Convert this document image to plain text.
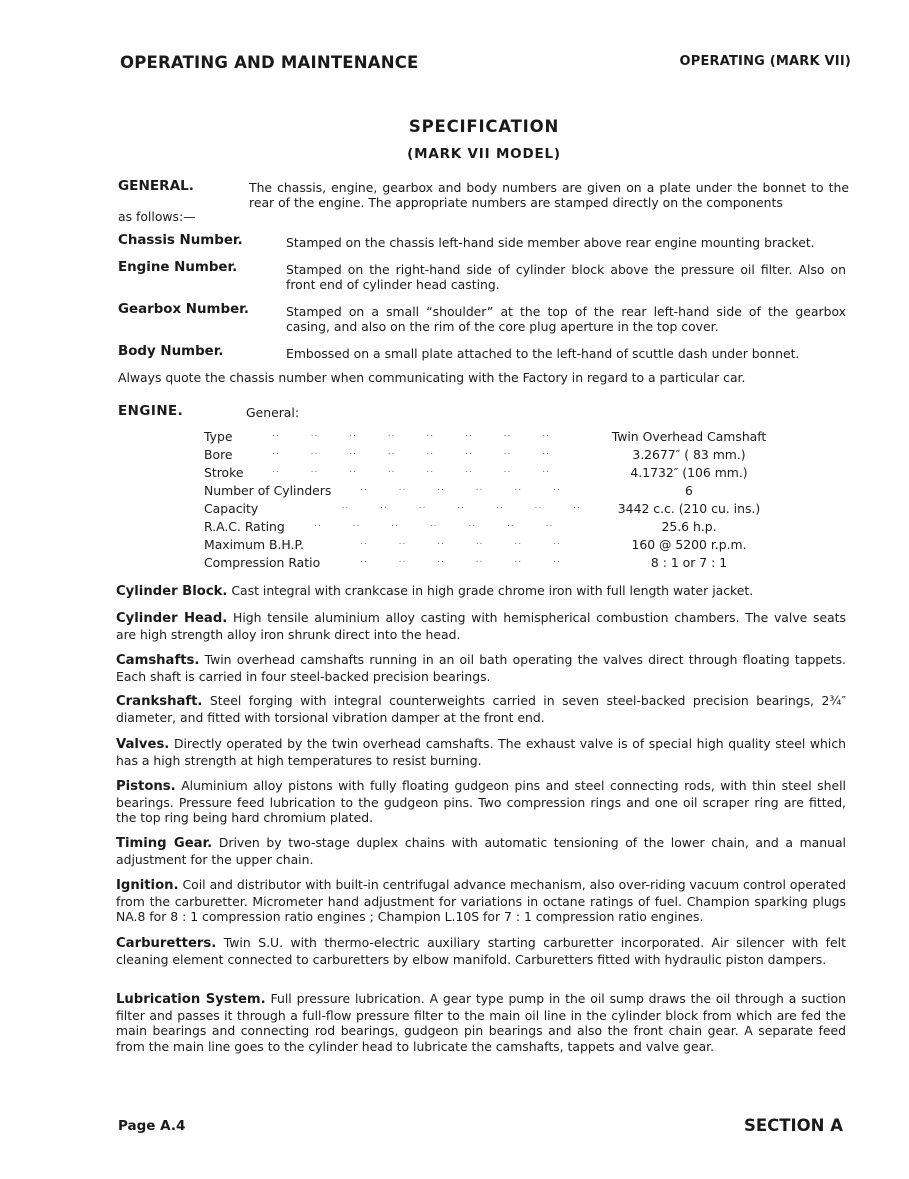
OPERATING AND MAINTENANCE	OPERATING (MARK VII)
SPECIFICATION
(MARK VII MODEL)
GENERAL.	The chassis, engine, gearbox and body numbers are given on a plate under the bonnet to the rear of the engine. The appropriate numbers are stamped directly on the components
as follows:—
Chassis Number.	Stamped on the chassis left-hand side member above rear engine mounting bracket.
Engine Number.	Stamped on the right-hand side of cylinder block above the pressure oil filter. Also on front end of cylinder head casting.
Gearbox Number.	Stamped on a small “shoulder” at the top of the rear left-hand side of the gearbox casing, and also on the rim of the core plug aperture in the top cover.
Body Number.	Embossed on a small plate attached to the left-hand of scuttle dash under bonnet.
Always quote the chassis number when communicating with the Factory in regard to a particular car.
ENGINE.	General:
Type	..        ..        ..        ..        ..        ..        ..        ..	Twin Overhead Camshaft
Bore	..        ..        ..        ..        ..        ..        ..        ..	3.2677″ ( 83 mm.)
Stroke	..        ..        ..        ..        ..        ..        ..        ..	4.1732″ (106 mm.)
Number of Cylinders	..        ..        ..        ..        ..        ..	6
Capacity ..        ..        ..        ..        ..        ..        ..	3442 c.c. (210 cu. ins.)
R.A.C. Rating	..        ..        ..        ..        ..        ..        ..	25.6 h.p.
Maximum B.H.P.	..        ..        ..        ..        ..        ..	160 @ 5200 r.p.m.
Compression Ratio	..        ..        ..        ..        ..        ..	8 : 1 or 7 : 1
Cylinder Block. Cast integral with crankcase in high grade chrome iron with full length water jacket.
Cylinder Head. High tensile aluminium alloy casting with hemispherical combustion chambers. The valve seats are high strength alloy iron shrunk direct into the head.
Camshafts. Twin overhead camshafts running in an oil bath operating the valves direct through floating tappets. Each shaft is carried in four steel-backed precision bearings.
Crankshaft. Steel forging with integral counterweights carried in seven steel-backed precision bearings, 2¾″ diameter, and fitted with torsional vibration damper at the front end.
Valves. Directly operated by the twin overhead camshafts. The exhaust valve is of special high quality steel which has a high strength at high temperatures to resist burning.
Pistons. Aluminium alloy pistons with fully floating gudgeon pins and steel connecting rods, with thin steel shell bearings. Pressure feed lubrication to the gudgeon pins. Two compression rings and one oil scraper ring are fitted, the top ring being hard chromium plated.
Timing Gear. Driven by two-stage duplex chains with automatic tensioning of the lower chain, and a manual adjustment for the upper chain.
Ignition. Coil and distributor with built-in centrifugal advance mechanism, also over-riding vacuum control operated from the carburetter. Micrometer hand adjustment for variations in octane ratings of fuel. Champion sparking plugs NA.8 for 8 : 1 compression ratio engines ; Champion L.10S for 7 : 1 compression ratio engines.
Carburetters. Twin S.U. with thermo-electric auxiliary starting carburetter incorporated. Air silencer with felt cleaning element connected to carburetters by elbow manifold. Carburetters fitted with hydraulic piston dampers.
Lubrication System. Full pressure lubrication. A gear type pump in the oil sump draws the oil through a suction filter and passes it through a full-flow pressure filter to the main oil line in the cylinder block from which are fed the main bearings and connecting rod bearings, gudgeon pin bearings and also the front chain gear. A separate feed from the main line goes to the cylinder head to lubricate the camshafts, tappets and valve gear.
Page A.4	SECTION A
